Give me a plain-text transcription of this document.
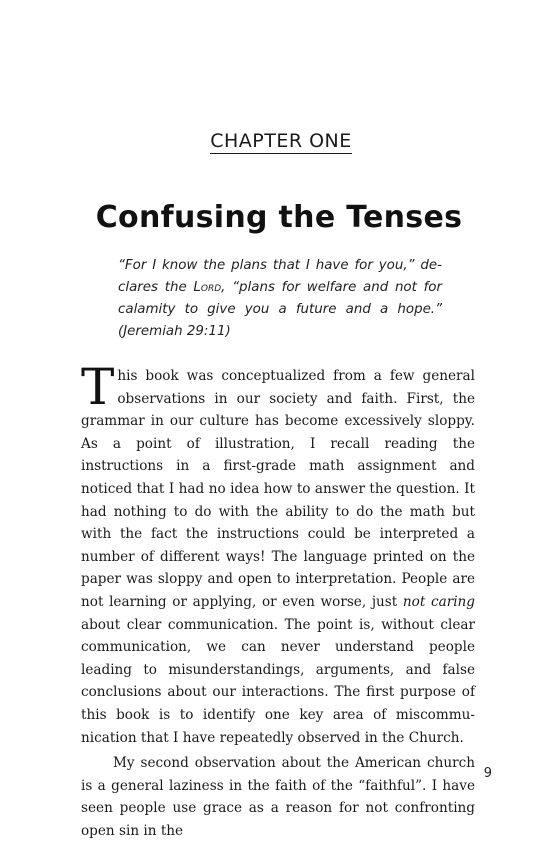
CHAPTER ONE
Confusing the Tenses
“For I know the plans that I have for you,” declares the Lord, “plans for welfare and not for calamity to give you a future and a hope.” (Jeremiah 29:11)

This book was conceptualized from a few general observations in our society and faith. First, the grammar in our culture has become excessively sloppy. As a point of illustration, I recall reading the instructions in a first-grade math assignment and noticed that I had no idea how to answer the question. It had nothing to do with the ability to do the math but with the fact the instructions could be interpreted a number of different ways! The language printed on the paper was sloppy and open to interpretation. People are not learning or applying, or even worse, just not caring about clear communication. The point is, without clear communication, we can never understand people leading to misunderstandings, arguments, and false conclusions about our interactions. The first purpose of this book is to identify one key area of miscommunication that I have repeatedly observed in the Church.

My second observation about the American church is a general laziness in the faith of the “faithful”. I have seen people use grace as a reason for not confronting open sin in the

9
